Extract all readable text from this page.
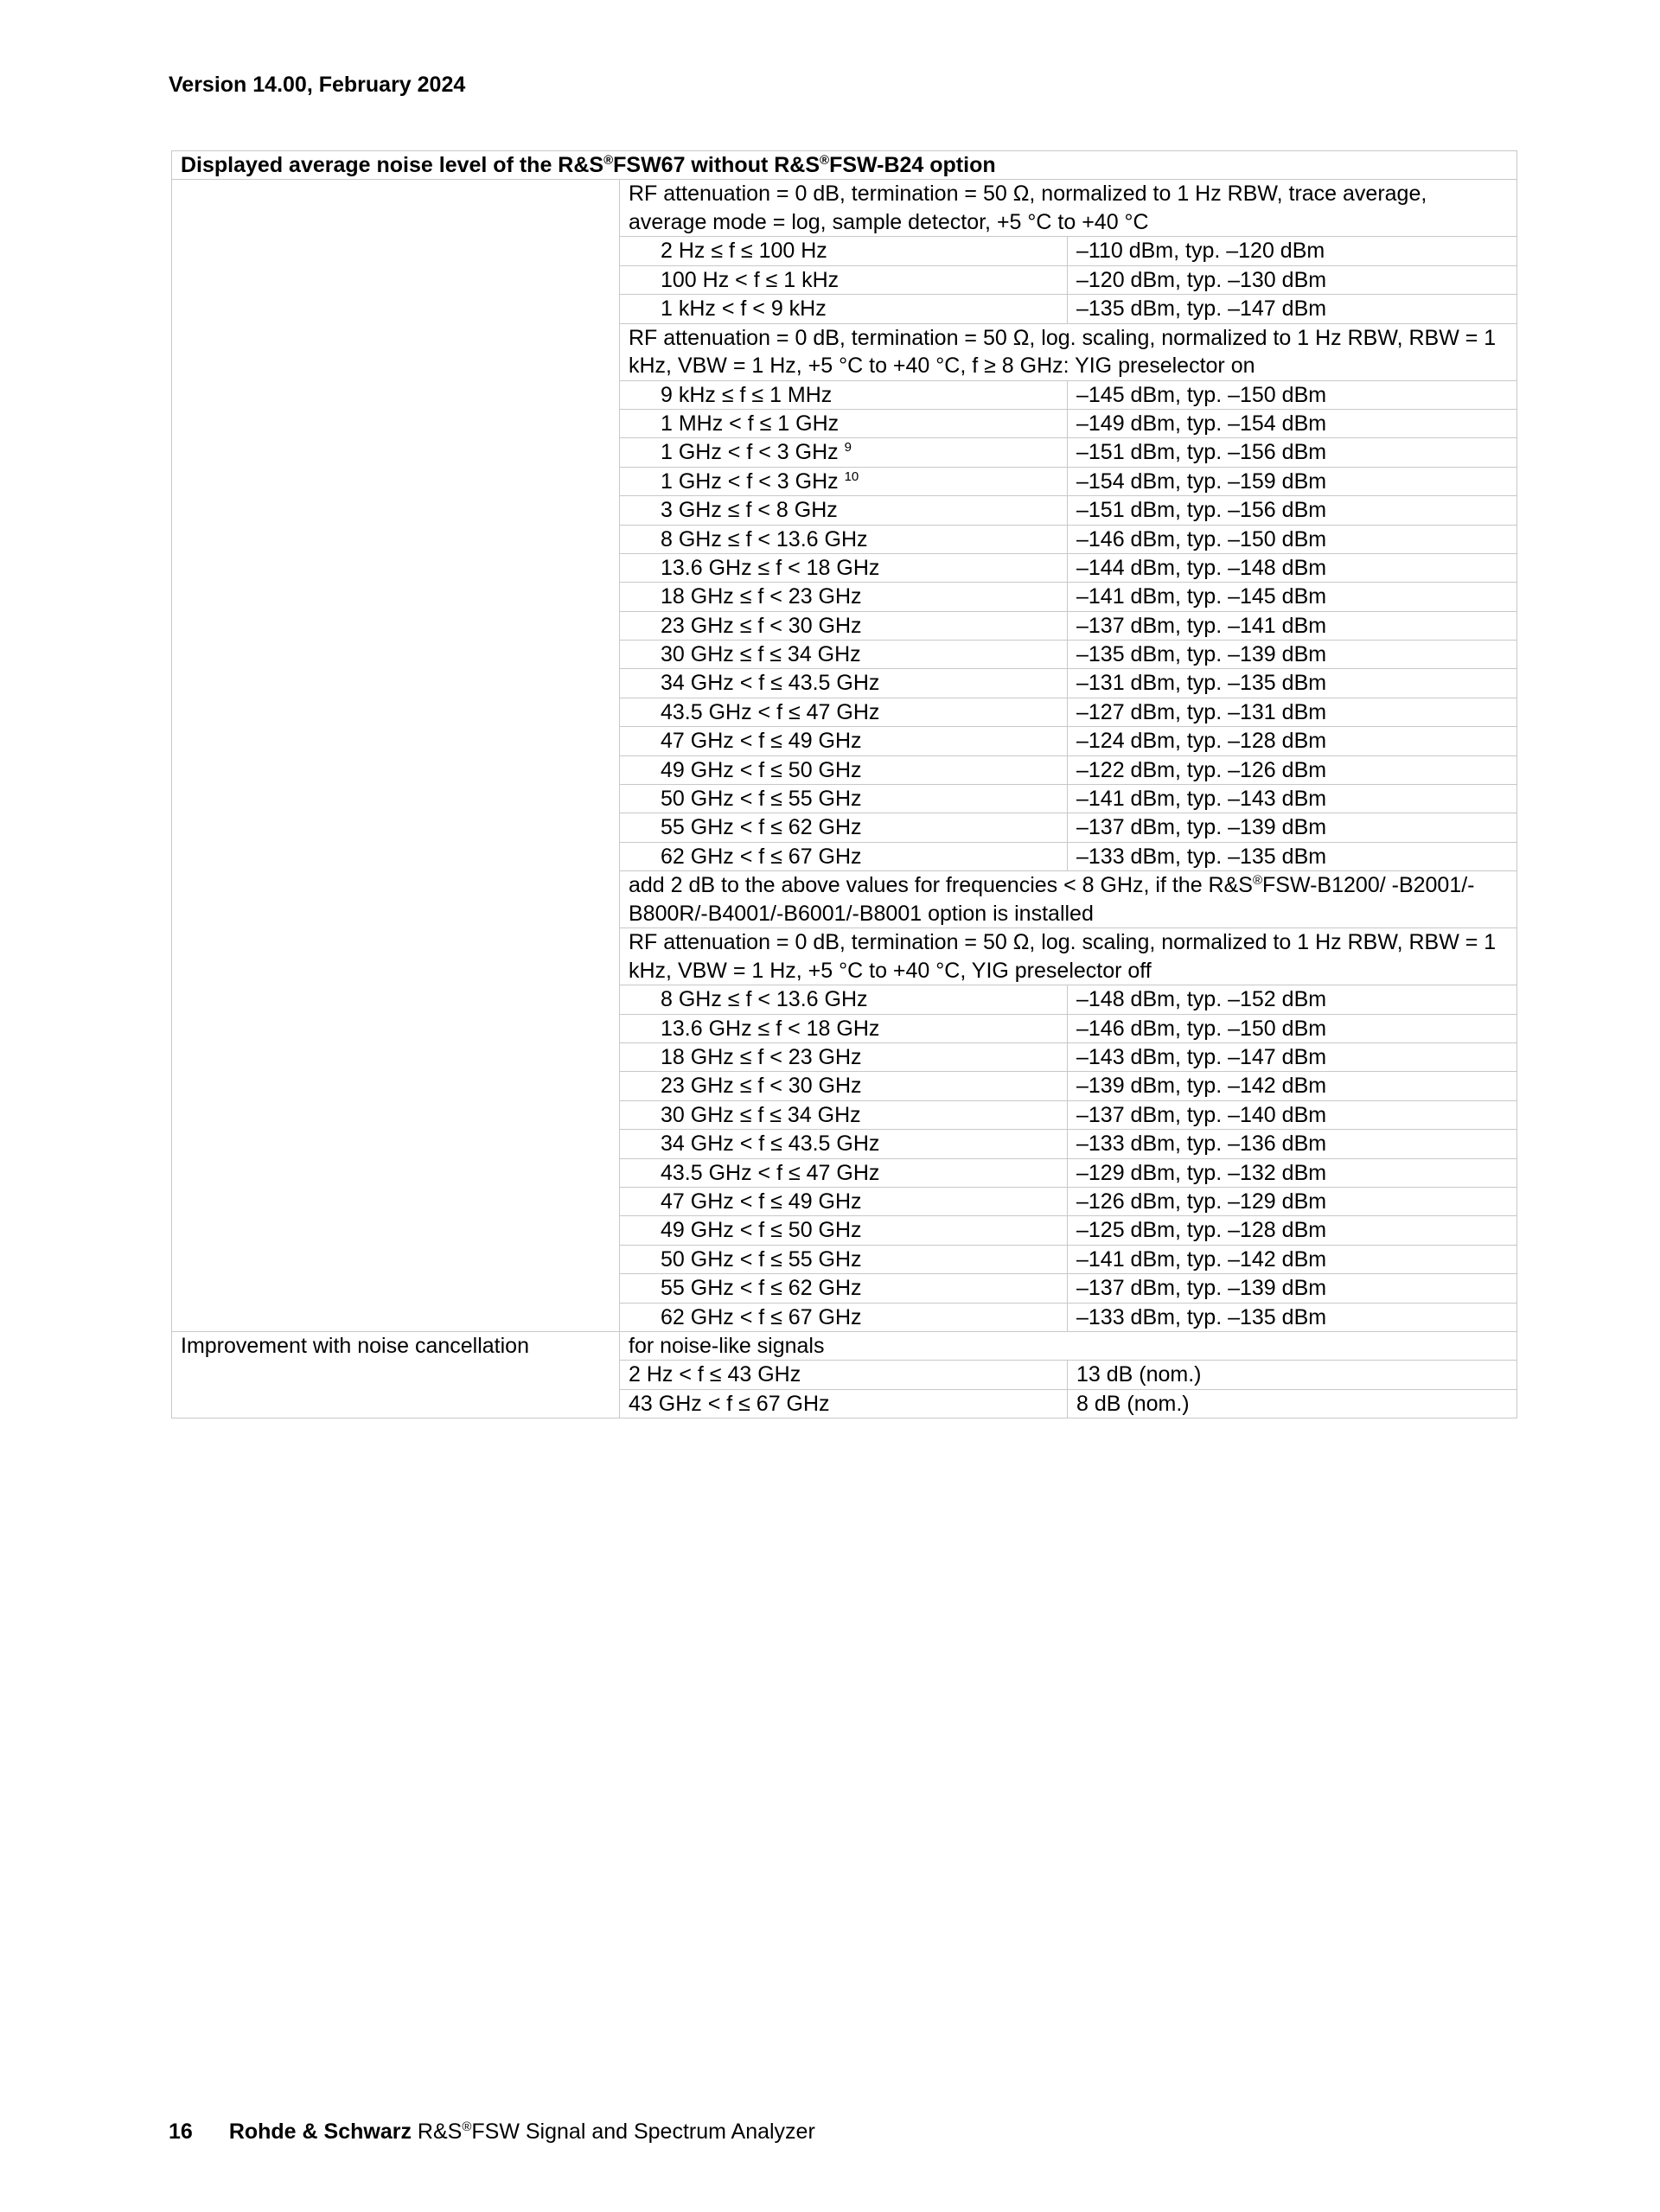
Version 14.00, February 2024
Displayed average noise level of the R&S®FSW67 without R&S®FSW-B24 option		
	RF attenuation = 0 dB, termination = 50 Ω, normalized to 1 Hz RBW, trace average, average mode = log, sample detector, +5 °C to +40 °C	
	2 Hz ≤ f ≤ 100 Hz	–110 dBm, typ. –120 dBm
	100 Hz < f ≤ 1 kHz	–120 dBm, typ. –130 dBm
	1 kHz < f < 9 kHz	–135 dBm, typ. –147 dBm
	RF attenuation = 0 dB, termination = 50 Ω, log. scaling, normalized to 1 Hz RBW, RBW = 1 kHz, VBW = 1 Hz, +5 °C to +40 °C, f ≥ 8 GHz: YIG preselector on	
	9 kHz ≤ f ≤ 1 MHz	–145 dBm, typ. –150 dBm
	1 MHz < f ≤ 1 GHz	–149 dBm, typ. –154 dBm
	1 GHz < f < 3 GHz $^9$	–151 dBm, typ. –156 dBm
	1 GHz < f < 3 GHz $^{10}$	–154 dBm, typ. –159 dBm
	3 GHz ≤ f < 8 GHz	–151 dBm, typ. –156 dBm
	8 GHz ≤ f < 13.6 GHz	–146 dBm, typ. –150 dBm
	13.6 GHz ≤ f < 18 GHz	–144 dBm, typ. –148 dBm
	18 GHz ≤ f < 23 GHz	–141 dBm, typ. –145 dBm
	23 GHz ≤ f < 30 GHz	–137 dBm, typ. –141 dBm
	30 GHz ≤ f ≤ 34 GHz	–135 dBm, typ. –139 dBm
	34 GHz < f ≤ 43.5 GHz	–131 dBm, typ. –135 dBm
	43.5 GHz < f ≤ 47 GHz	–127 dBm, typ. –131 dBm
	47 GHz < f ≤ 49 GHz	–124 dBm, typ. –128 dBm
	49 GHz < f ≤ 50 GHz	–122 dBm, typ. –126 dBm
	50 GHz < f ≤ 55 GHz	–141 dBm, typ. –143 dBm
	55 GHz < f ≤ 62 GHz	–137 dBm, typ. –139 dBm
	62 GHz < f ≤ 67 GHz	–133 dBm, typ. –135 dBm
	add 2 dB to the above values for frequencies < 8 GHz, if the R&S®FSW-B1200/ -B2001/-B800R/-B4001/-B6001/-B8001 option is installed	
	RF attenuation = 0 dB, termination = 50 Ω, log. scaling, normalized to 1 Hz RBW, RBW = 1 kHz, VBW = 1 Hz, +5 °C to +40 °C, YIG preselector off	
	8 GHz ≤ f < 13.6 GHz	–148 dBm, typ. –152 dBm
	13.6 GHz ≤ f < 18 GHz	–146 dBm, typ. –150 dBm
	18 GHz ≤ f < 23 GHz	–143 dBm, typ. –147 dBm
	23 GHz ≤ f < 30 GHz	–139 dBm, typ. –142 dBm
	30 GHz ≤ f ≤ 34 GHz	–137 dBm, typ. –140 dBm
	34 GHz < f ≤ 43.5 GHz	–133 dBm, typ. –136 dBm
	43.5 GHz < f ≤ 47 GHz	–129 dBm, typ. –132 dBm
	47 GHz < f ≤ 49 GHz	–126 dBm, typ. –129 dBm
	49 GHz < f ≤ 50 GHz	–125 dBm, typ. –128 dBm
	50 GHz < f ≤ 55 GHz	–141 dBm, typ. –142 dBm
	55 GHz < f ≤ 62 GHz	–137 dBm, typ. –139 dBm
	62 GHz < f ≤ 67 GHz	–133 dBm, typ. –135 dBm
Improvement with noise cancellation	for noise-like signals	
	2 Hz < f ≤ 43 GHz	13 dB (nom.)
	43 GHz < f ≤ 67 GHz	8 dB (nom.)
16 Rohde & Schwarz R&S®FSW Signal and Spectrum Analyzer
